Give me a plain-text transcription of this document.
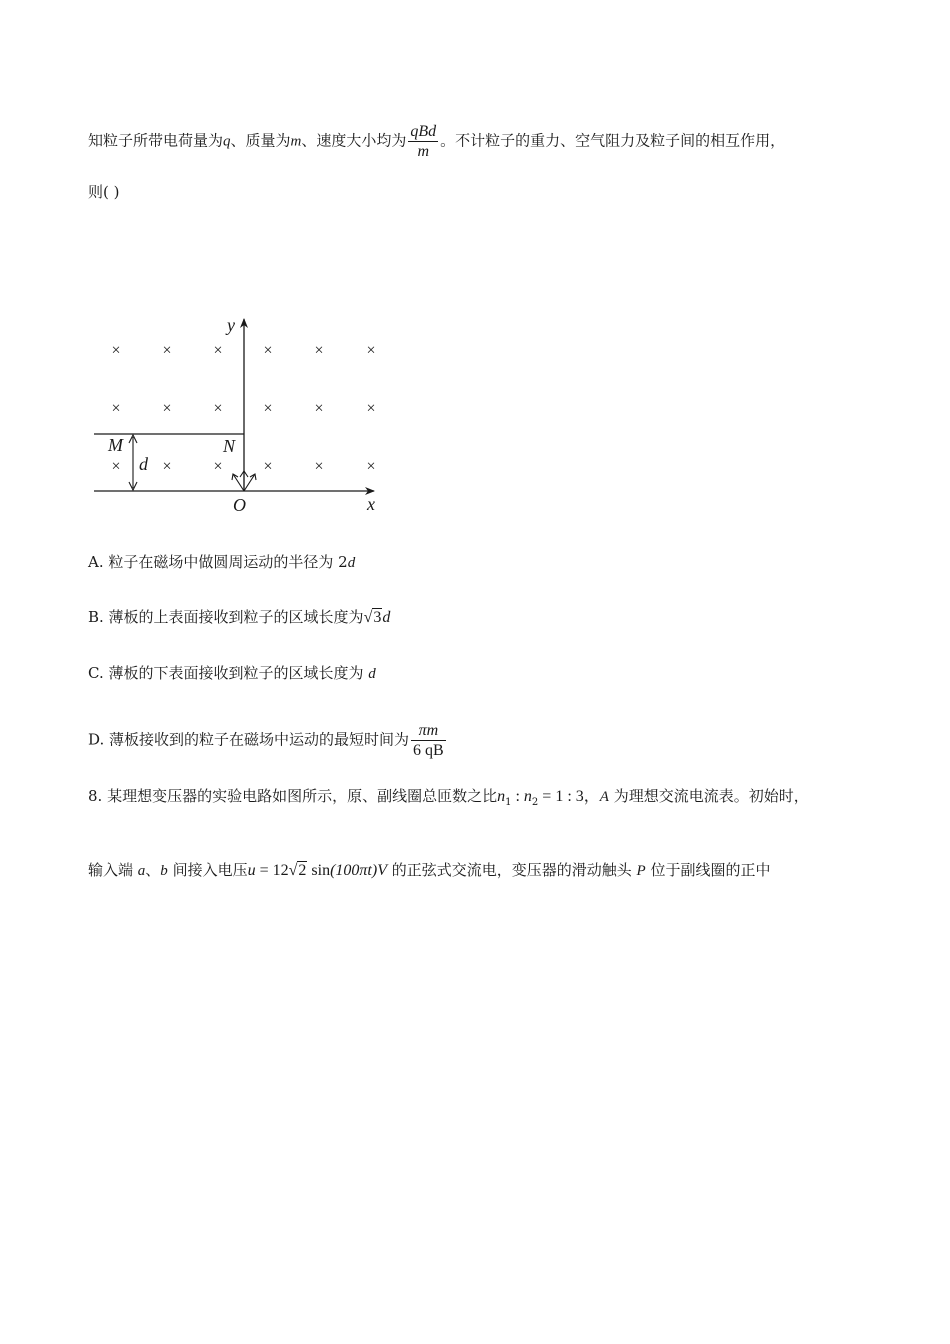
知粒子所带电荷量为q、质量为m、速度大小均为 $\frac{\text{qBd}}{m}$ 。不计粒子的重力、空气阻力及粒子间的相互作用，
则( )
×	×	×	×	×	×
×	×	×	×	×	×
×	×	×	×	×	×
y
x
O
M	N
d
A. 粒子在磁场中做圆周运动的半径为 2d
B. 薄板的上表面接收到粒子的区域长度为√3d
C. 薄板的下表面接收到粒子的区域长度为 d
D. 薄板接收到的粒子在磁场中运动的最短时间为 $\frac{\pi m}{6 qB}$
8. 某理想变压器的实验电路如图所示，原、副线圈总匝数之比$n_1$ : $n_2 = 1$ : 3，A 为理想交流电流表。初始时，
输入端 a、b 间接入电压u = 12√2 sin(100πt)V 的正弦式交流电，变压器的滑动触头 P 位于副线圈的正中
